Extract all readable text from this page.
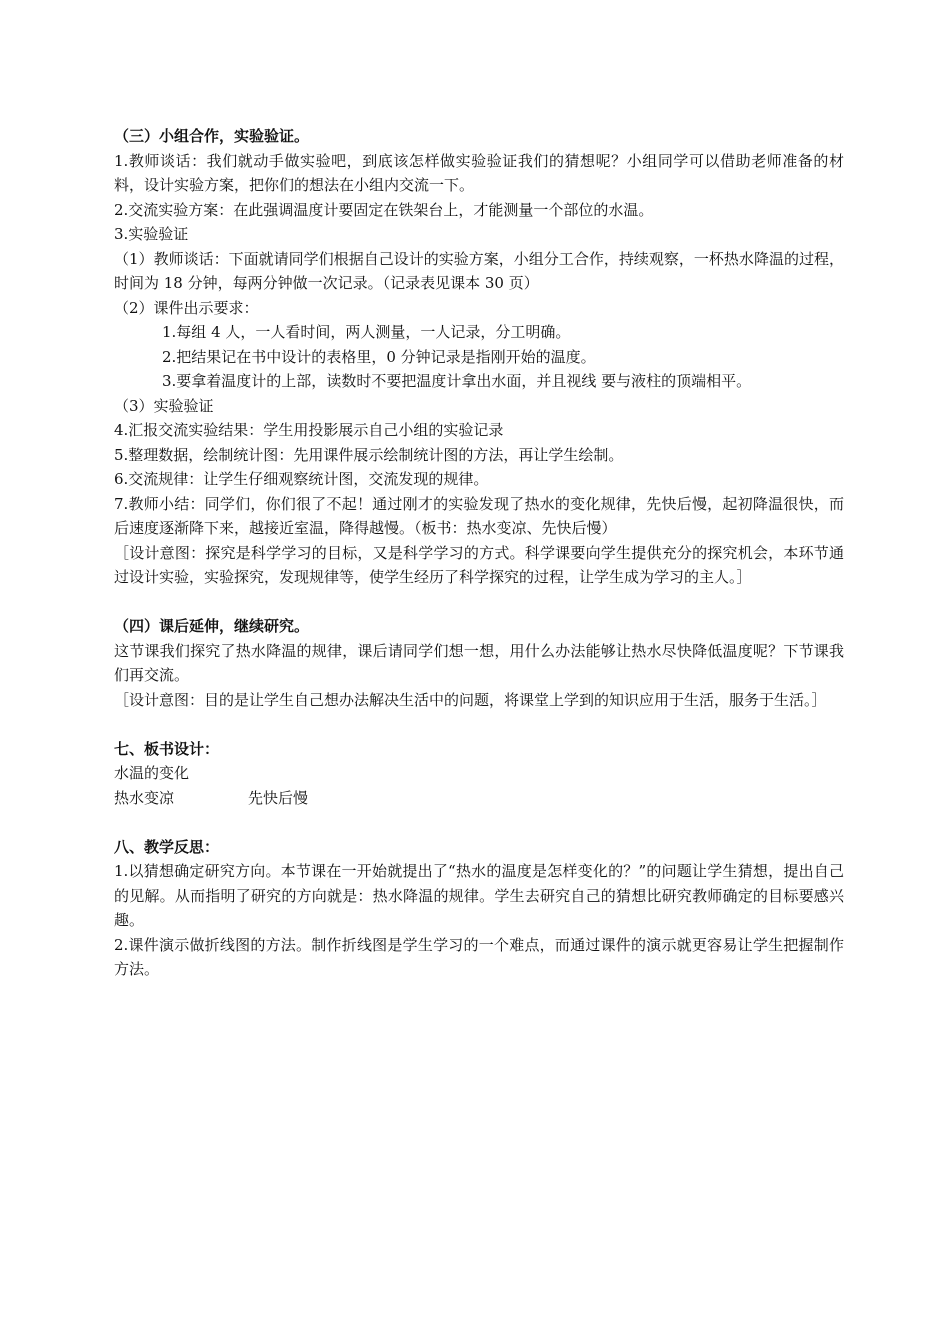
（三）小组合作，实验验证。
1.教师谈话：我们就动手做实验吧，到底该怎样做实验验证我们的猜想呢？小组同学可以借助老师准备的材料，设计实验方案，把你们的想法在小组内交流一下。
2.交流实验方案：在此强调温度计要固定在铁架台上，才能测量一个部位的水温。
3.实验验证
（1）教师谈话：下面就请同学们根据自己设计的实验方案，小组分工合作，持续观察，一杯热水降温的过程，时间为 18 分钟，每两分钟做一次记录。（记录表见课本 30 页）
（2）课件出示要求：
1.每组 4 人，一人看时间，两人测量，一人记录，分工明确。
2.把结果记在书中设计的表格里，0 分钟记录是指刚开始的温度。
3.要拿着温度计的上部，读数时不要把温度计拿出水面，并且视线 要与液柱的顶端相平。
（3）实验验证
4.汇报交流实验结果：学生用投影展示自己小组的实验记录
5.整理数据，绘制统计图：先用课件展示绘制统计图的方法，再让学生绘制。
6.交流规律：让学生仔细观察统计图，交流发现的规律。
7.教师小结：同学们，你们很了不起！通过刚才的实验发现了热水的变化规律，先快后慢，起初降温很快，而后速度逐渐降下来，越接近室温，降得越慢。（板书：热水变凉、先快后慢）
［设计意图：探究是科学学习的目标，又是科学学习的方式。科学课要向学生提供充分的探究机会，本环节通过设计实验，实验探究，发现规律等，使学生经历了科学探究的过程，让学生成为学习的主人。］
（四）课后延伸，继续研究。
这节课我们探究了热水降温的规律，课后请同学们想一想，用什么办法能够让热水尽快降低温度呢？下节课我们再交流。
［设计意图：目的是让学生自己想办法解决生活中的问题，将课堂上学到的知识应用于生活，服务于生活。］
七、板书设计：
水温的变化
热水变凉	先快后慢
八、教学反思：
1.以猜想确定研究方向。本节课在一开始就提出了“热水的温度是怎样变化的？”的问题让学生猜想，提出自己的见解。从而指明了研究的方向就是：热水降温的规律。学生去研究自己的猜想比研究教师确定的目标要感兴趣。
2.课件演示做折线图的方法。制作折线图是学生学习的一个难点，而通过课件的演示就更容易让学生把握制作方法。
